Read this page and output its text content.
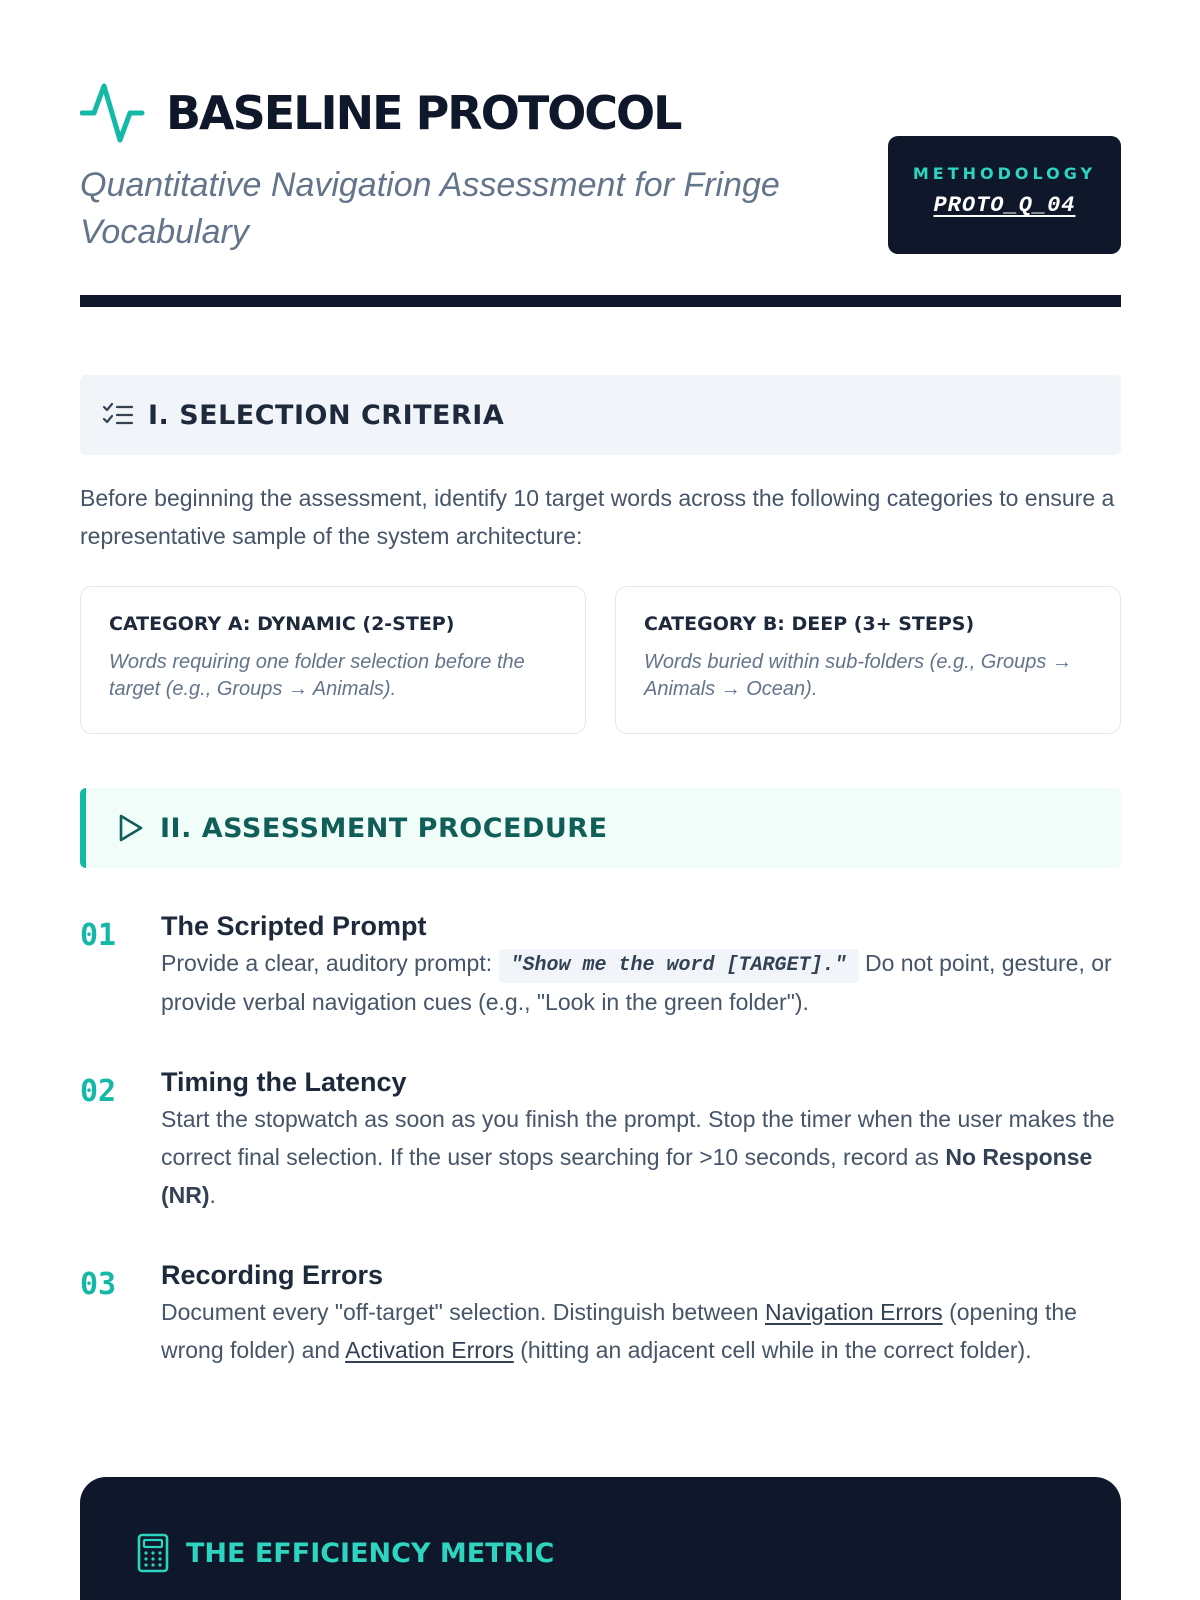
BASELINE PROTOCOL
Quantitative Navigation Assessment for Fringe Vocabulary
METHODOLOGY
PROTO_Q_04
I. SELECTION CRITERIA

Before beginning the assessment, identify 10 target words across the following categories to ensure a representative sample of the system architecture:

CATEGORY A: DYNAMIC (2-STEP)
Words requiring one folder selection before the target (e.g., Groups → Animals).
CATEGORY B: DEEP (3+ STEPS)
Words buried within sub-folders (e.g., Groups → Animals → Ocean).
II. ASSESSMENT PROCEDURE
01 The Scripted Prompt
Provide a clear, auditory prompt: "Show me the word [TARGET]." Do not point, gesture, or provide verbal navigation cues (e.g., "Look in the green folder").
02 Timing the Latency
Start the stopwatch as soon as you finish the prompt. Stop the timer when the user makes the correct final selection. If the user stops searching for >10 seconds, record as No Response (NR).
03 Recording Errors
Document every "off-target" selection. Distinguish between Navigation Errors (opening the wrong folder) and Activation Errors (hitting an adjacent cell while in the correct folder).
THE EFFICIENCY METRIC
